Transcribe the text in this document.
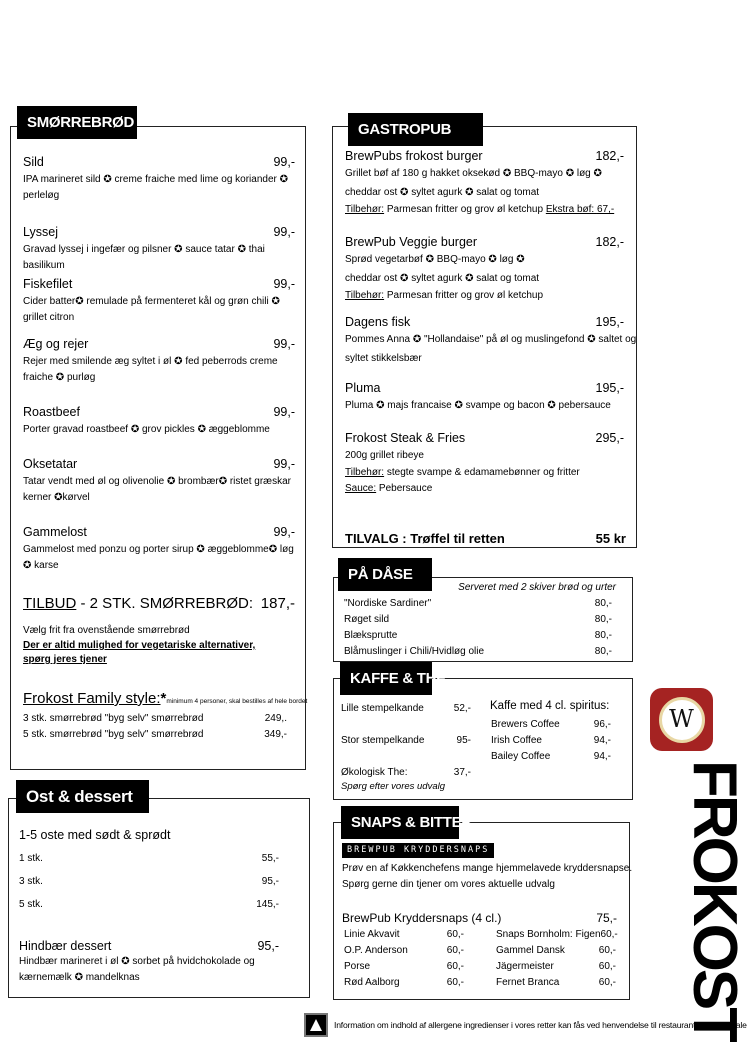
Sild	99,-
IPA marineret sild ✪ creme fraiche med lime og koriander ✪ perleløg
Lyssej	99,-
Gravad lyssej i ingefær og pilsner ✪ sauce tatar ✪ thai basilikum
Fiskefilet	99,-
Cider batter✪ remulade på fermenteret kål og grøn chili ✪ grillet citron
Æg og rejer	99,-
Rejer med smilende æg syltet i øl ✪ fed peberrods creme fraiche ✪ purløg
Roastbeef	99,-
Porter gravad roastbeef ✪ grov pickles ✪ æggeblomme
Oksetatar	99,-
Tatar vendt med øl og olivenolie ✪ brombær✪ ristet græskar kerner ✪kørvel
Gammelost	99,-
Gammelost med ponzu og porter sirup ✪ æggeblomme✪ løg ✪ karse
TILBUD - 2 STK. SMØRREBRØD: 187,-
Vælg frit fra ovenstående smørrebrød
Der er altid mulighed for vegetariske alternativer,
spørg jeres tjener
Frokost Family style:*minimum 4 personer, skal bestilles af hele bordet
3 stk. smørrebrød "byg selv" smørrebrød	249,.
5 stk. smørrebrød "byg selv" smørrebrød	349,-
SMØRREBRØD
1-5 oste med sødt & sprødt
1 stk.	55,-
3 stk.	95,-
5 stk.	145,-
Hindbær dessert	95,-
Hindbær marineret i øl ✪ sorbet på hvidchokolade og kærnemælk ✪ mandelknas
Ost & dessert
BrewPubs frokost burger	182,-
Grillet bøf af 180 g hakket oksekød ✪ BBQ-mayo ✪ løg ✪
cheddar ost ✪ syltet agurk ✪ salat og tomat
Tilbehør: Parmesan fritter og grov øl ketchup Ekstra bøf: 67,-
BrewPub Veggie burger	182,-
Sprød vegetarbøf ✪ BBQ-mayo ✪ løg ✪
cheddar ost ✪ syltet agurk ✪ salat og tomat
Tilbehør: Parmesan fritter og grov øl ketchup
Dagens fisk	195,-
Pommes Anna ✪ "Hollandaise" på øl og muslingefond ✪ saltet og
syltet stikkelsbær
Pluma	195,-
Pluma ✪ majs francaise ✪ svampe og bacon ✪ pebersauce
Frokost Steak & Fries	295,-
200g grillet ribeye
Tilbehør: stegte svampe & edamamebønner og fritter
Sauce: Pebersauce
TILVALG : Trøffel til retten	55 kr
GASTROPUB
Serveret med 2 skiver brød og urter
"Nordiske Sardiner"	80,-
Røget sild	80,-
Blæksprutte	80,-
Blåmuslinger i Chili/Hvidløg olie	80,-
PÅ DÅSE
Lille stempelkande	52,-
Stor stempelkande	95-
Økologisk The:	37,-
Spørg efter vores udvalg
Kaffe med 4 cl. spiritus:
Brewers Coffee	96,-
Irish Coffee	94,-
Bailey Coffee	94,-
KAFFE & THE
BREWPUB KRYDDERSNAPS
Prøv en af Køkkenchefens mange hjemmelavede kryddersnapse.
Spørg gerne din tjener om vores aktuelle udvalg
BrewPub Kryddersnaps (4 cl.)	75,-
Linie Akvavit	60,-
O.P. Anderson	60,-
Porse	60,-
Rød Aalborg	60,-
Snaps Bornholm: Figen 60,-
Gammel Dansk	60,-
Jägermeister	60,-
Fernet Branca	60,-
SNAPS & BITTER
W
FROKOST
Information om indhold af allergene ingredienser i vores retter kan fås ved henvendelse til restaurantens personale
